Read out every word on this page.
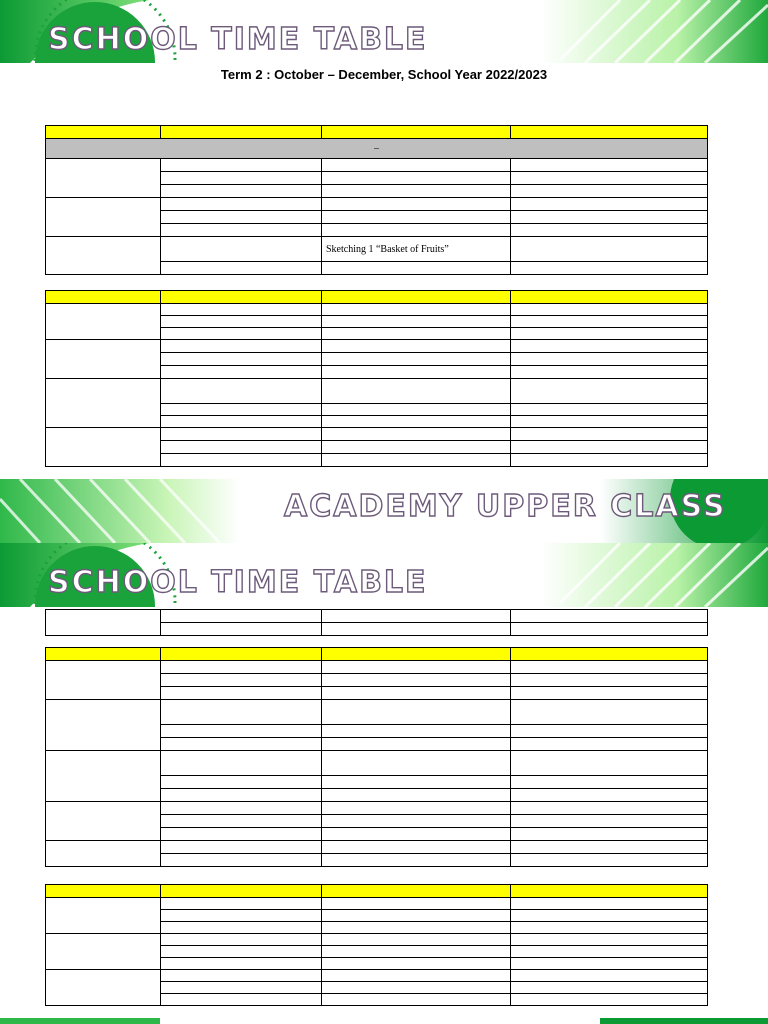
SCHOOL TIME TABLE
Term 2 : October – December, School Year 2022/2023

–			

		Sketching 1 “Basket of Fruits”	

ACADEMY UPPER CLASS
SCHOOL TIME TABLE
